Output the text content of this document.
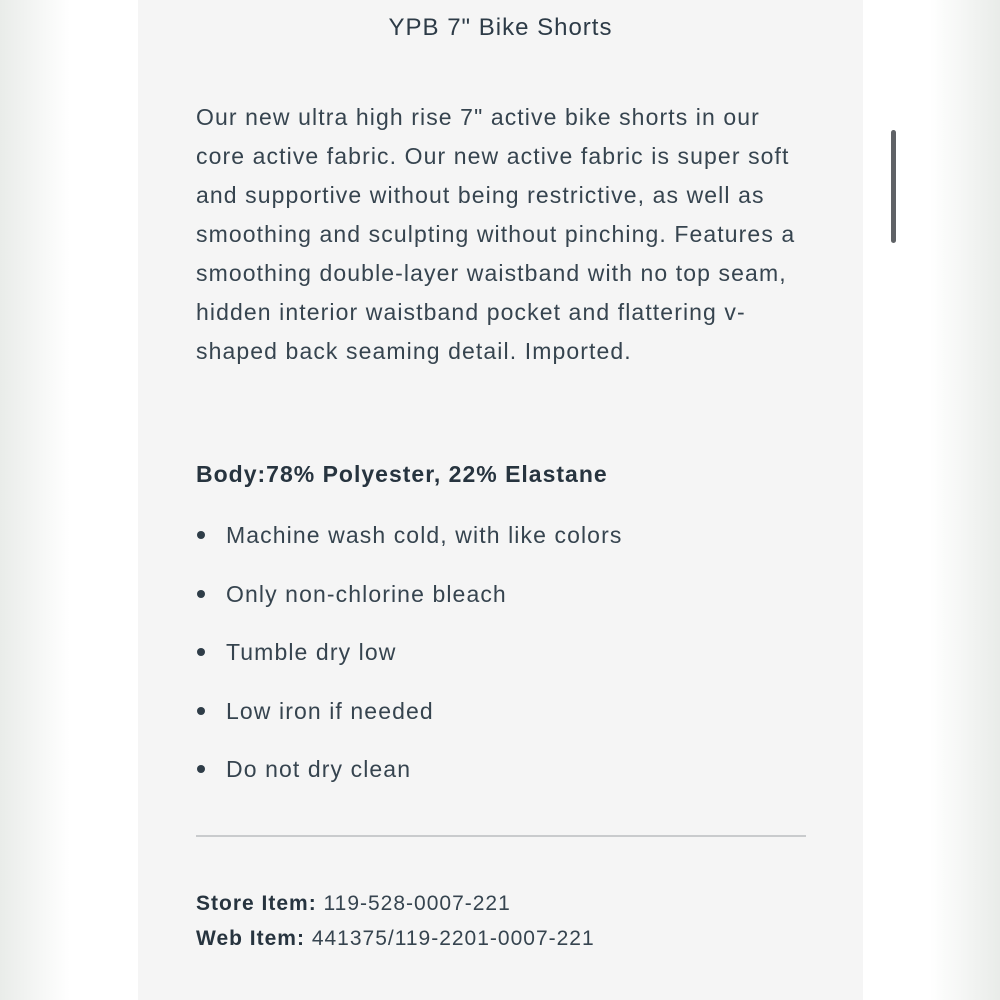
YPB 7" Bike Shorts

Our new ultra high rise 7" active bike shorts in our core active fabric. Our new active fabric is super soft and supportive without being restrictive, as well as smoothing and sculpting without pinching. Features a smoothing double-layer waistband with no top seam, hidden interior waistband pocket and flattering v-shaped back seaming detail. Imported.

Body:78% Polyester, 22% Elastane

Machine wash cold, with like colors
Only non-chlorine bleach
Tumble dry low
Low iron if needed
Do not dry clean
Store Item: 119-528-0007-221
Web Item: 441375/119-2201-0007-221
